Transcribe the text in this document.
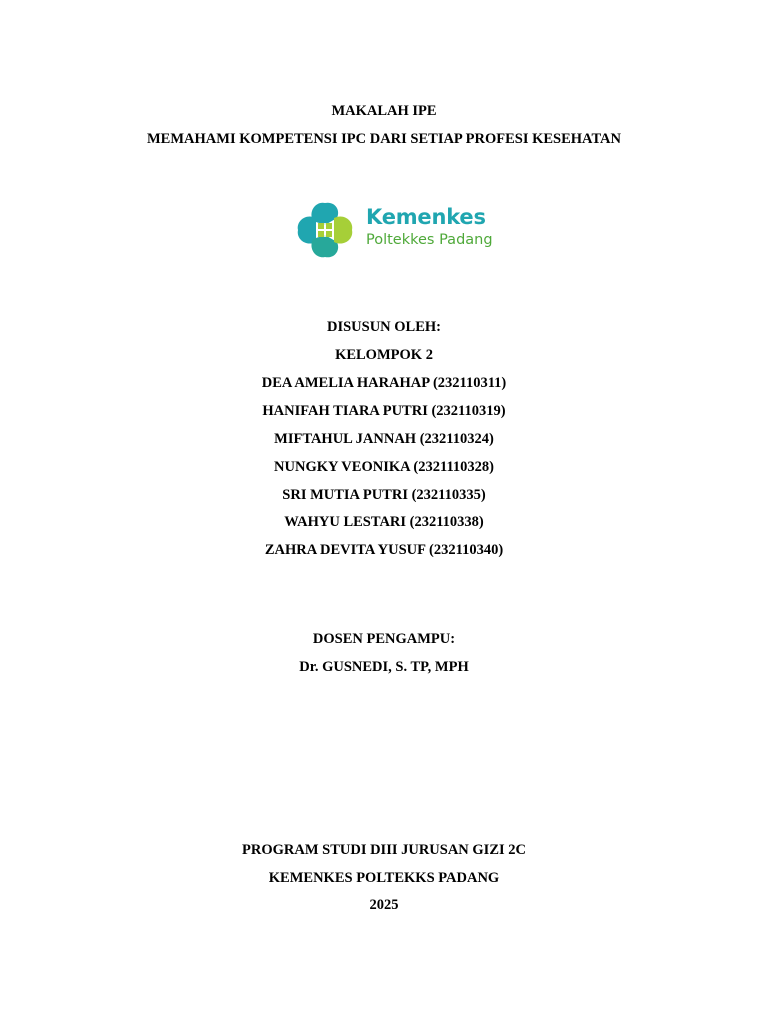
MAKALAH IPE
MEMAHAMI KOMPETENSI IPC DARI SETIAP PROFESI KESEHATAN
Kemenkes
Poltekkes Padang
DISUSUN OLEH:
KELOMPOK 2
DEA AMELIA HARAHAP (232110311)
HANIFAH TIARA PUTRI (232110319)
MIFTAHUL JANNAH (232110324)
NUNGKY VEONIKA (2321110328)
SRI MUTIA PUTRI (232110335)
WAHYU LESTARI (232110338)
ZAHRA DEVITA YUSUF (232110340)
DOSEN PENGAMPU:
Dr. GUSNEDI, S. TP, MPH
PROGRAM STUDI DIII JURUSAN GIZI 2C
KEMENKES POLTEKKS PADANG
2025
